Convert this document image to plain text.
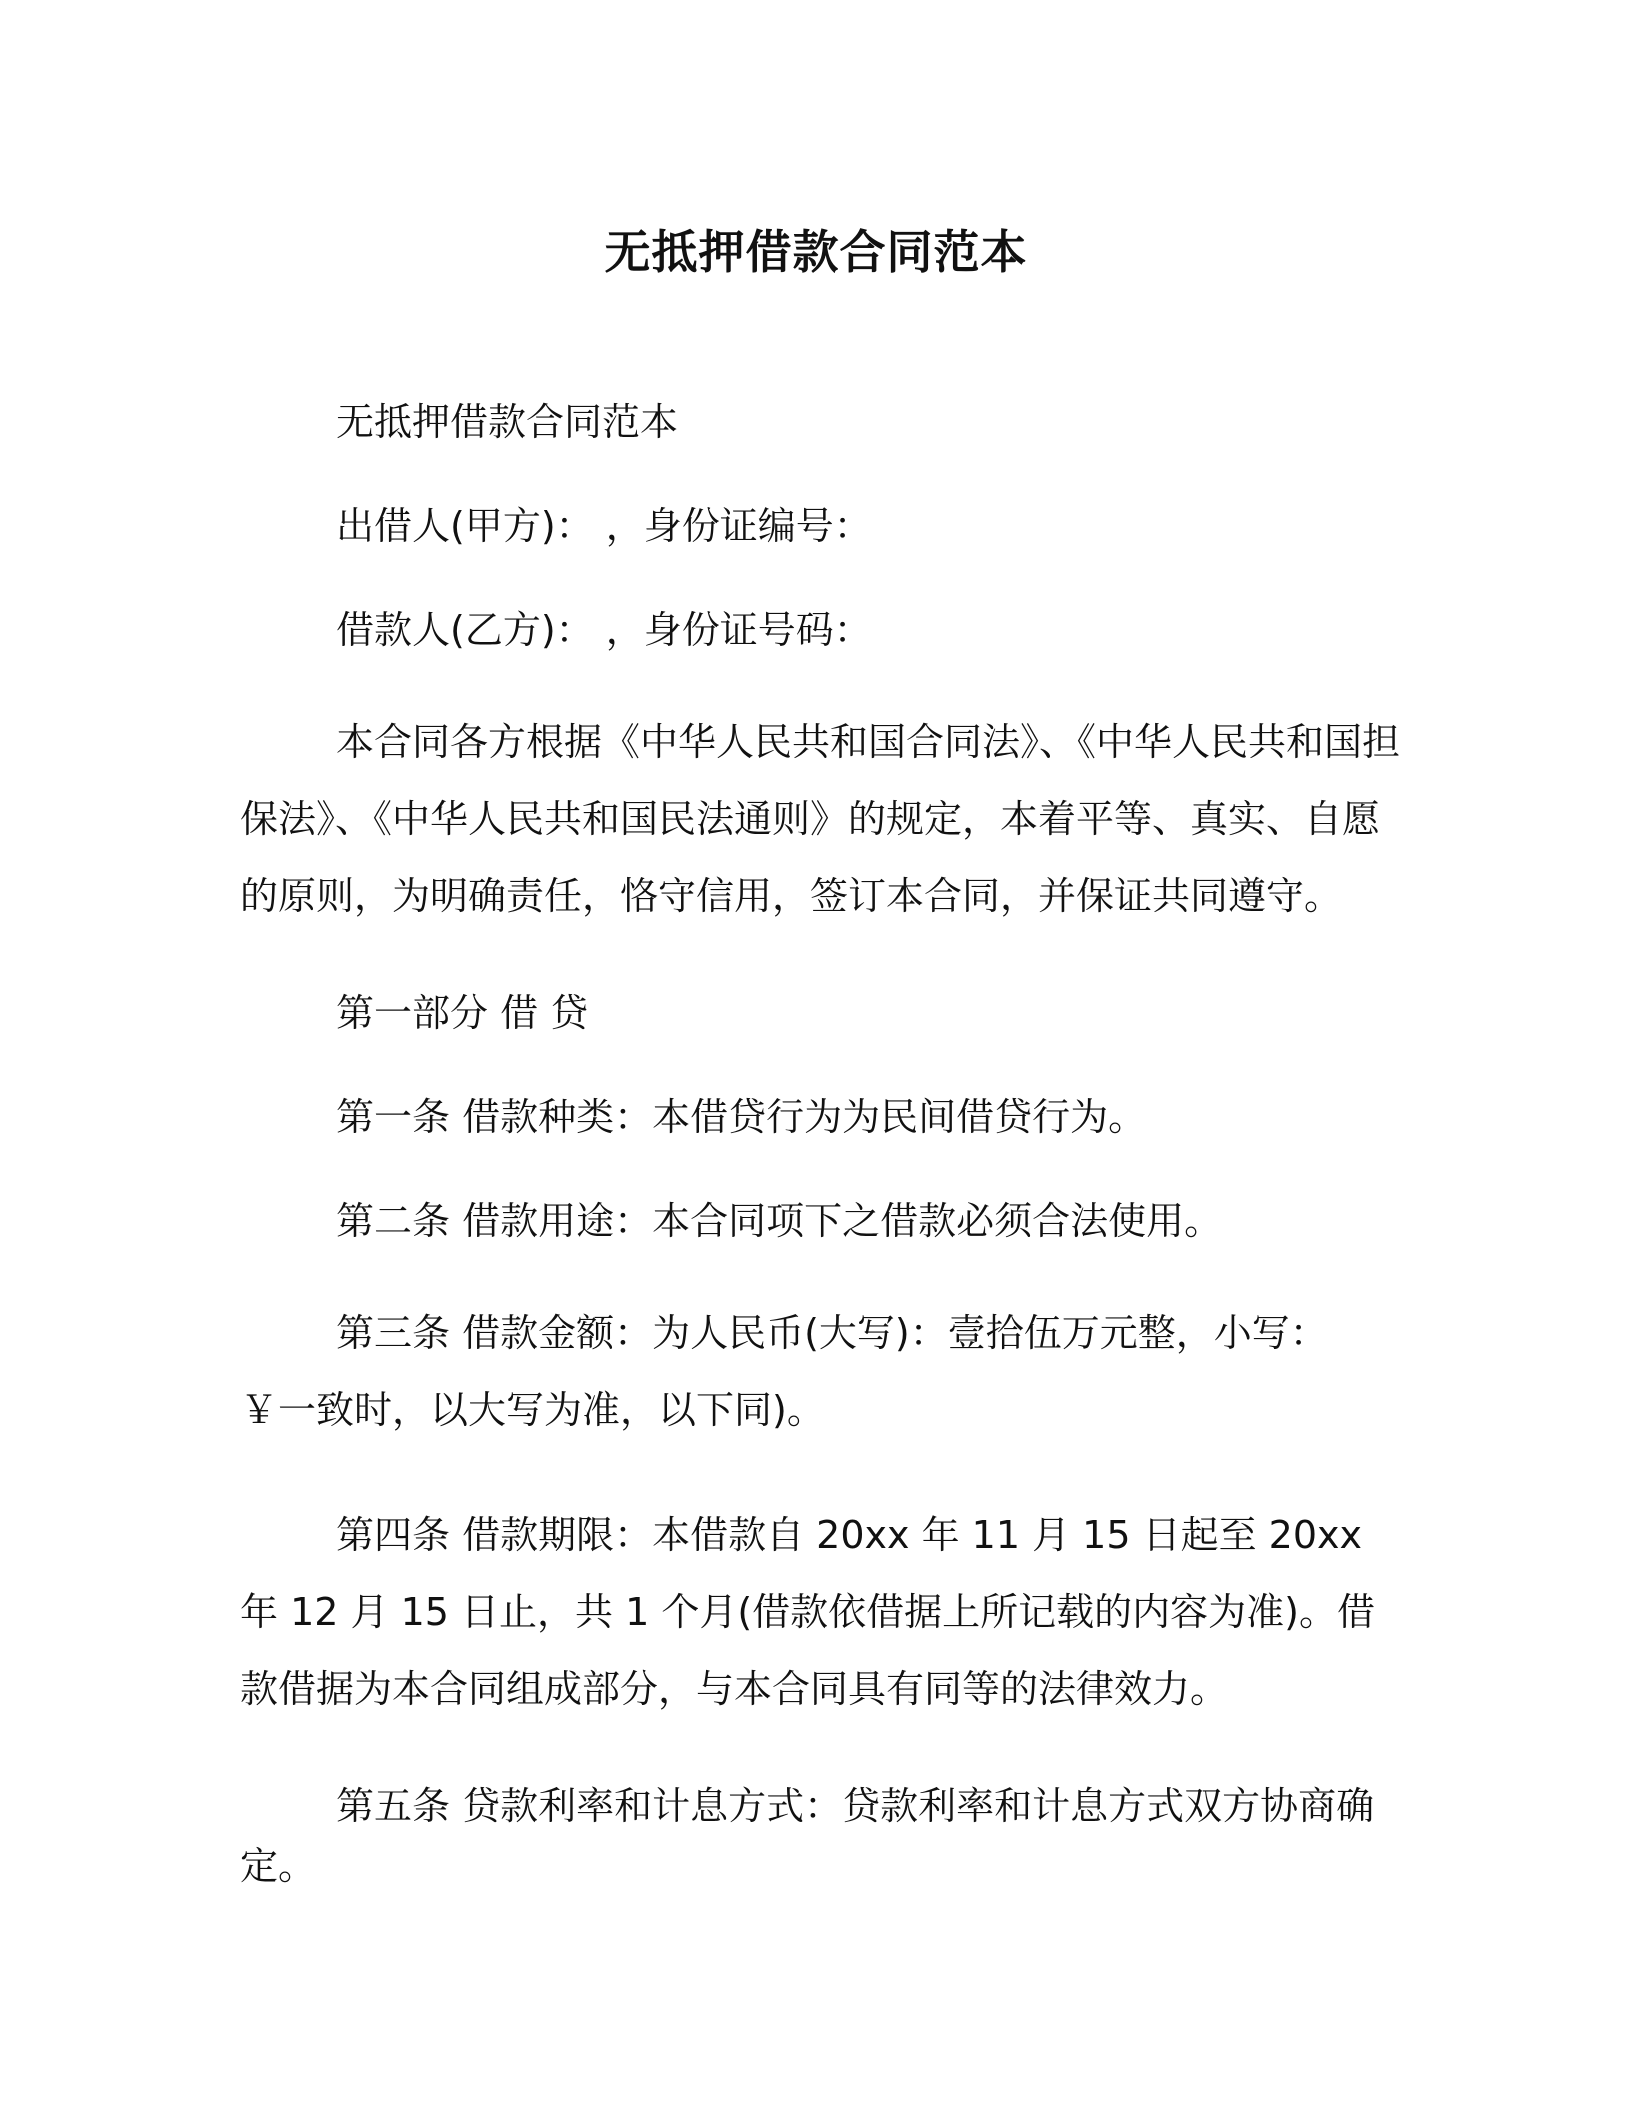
无抵押借款合同范本

无抵押借款合同范本

出借人(甲方)： ，身份证编号：

借款人(乙方)： ，身份证号码：

本合同各方根据《中华人民共和国合同法》、《中华人民共和国担保法》、《中华人民共和国民法通则》的规定，本着平等、真实、自愿的原则，为明确责任，恪守信用，签订本合同，并保证共同遵守。

第一部分 借 贷

第一条 借款种类：本借贷行为为民间借贷行为。

第二条 借款用途：本合同项下之借款必须合法使用。

第三条 借款金额：为人民币(大写)：壹拾伍万元整，小写：￥一致时，以大写为准，以下同)。

第四条 借款期限：本借款自 20xx 年 11 月 15 日起至 20xx 年 12 月 15 日止，共 1 个月(借款依借据上所记载的内容为准)。借款借据为本合同组成部分，与本合同具有同等的法律效力。

第五条 贷款利率和计息方式：贷款利率和计息方式双方协商确定。
